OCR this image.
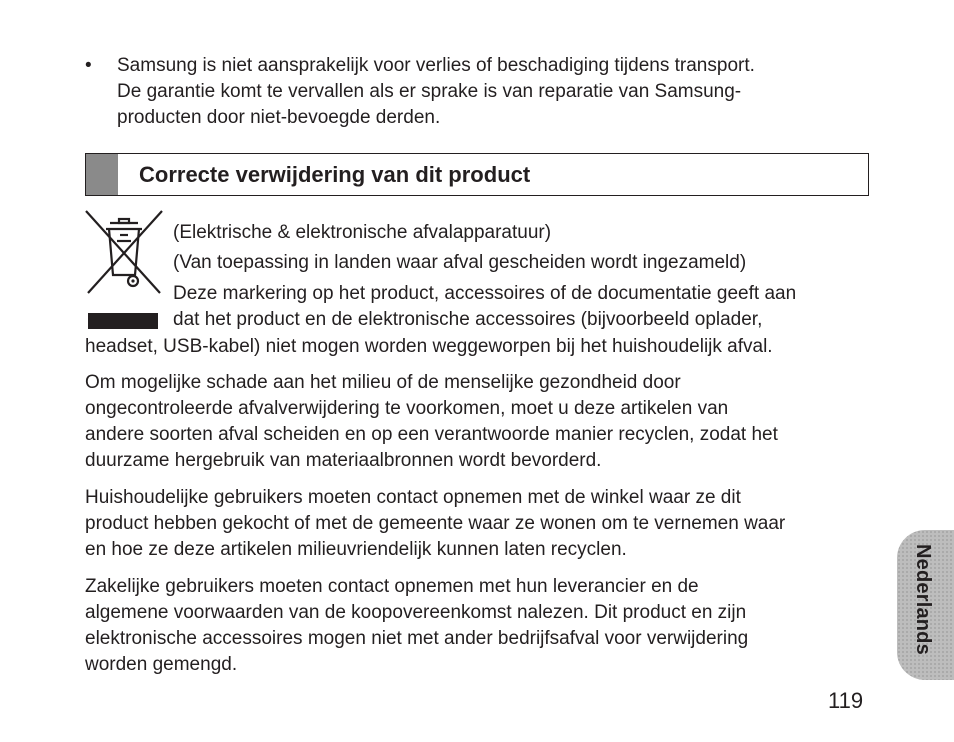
• Samsung is niet aansprakelijk voor verlies of beschadiging tijdens transport.
De garantie komt te vervallen als er sprake is van reparatie van Samsung-
producten door niet-bevoegde derden.

Correcte verwijdering van dit product

(Elektrische & elektronische afvalapparatuur)

(Van toepassing in landen waar afval gescheiden wordt ingezameld)

Deze markering op het product, accessoires of de documentatie geeft aan

dat het product en de elektronische accessoires (bijvoorbeeld oplader,

headset, USB-kabel) niet mogen worden weggeworpen bij het huishoudelijk afval.

Om mogelijke schade aan het milieu of de menselijke gezondheid door
ongecontroleerde afvalverwijdering te voorkomen, moet u deze artikelen van
andere soorten afval scheiden en op een verantwoorde manier recyclen, zodat het
duurzame hergebruik van materiaalbronnen wordt bevorderd.
Huishoudelijke gebruikers moeten contact opnemen met de winkel waar ze dit
product hebben gekocht of met de gemeente waar ze wonen om te vernemen waar
en hoe ze deze artikelen milieuvriendelijk kunnen laten recyclen.
Zakelijke gebruikers moeten contact opnemen met hun leverancier en de
algemene voorwaarden van de koopovereenkomst nalezen. Dit product en zijn
elektronische accessoires mogen niet met ander bedrijfsafval voor verwijdering
worden gemengd.
Nederlands
119
